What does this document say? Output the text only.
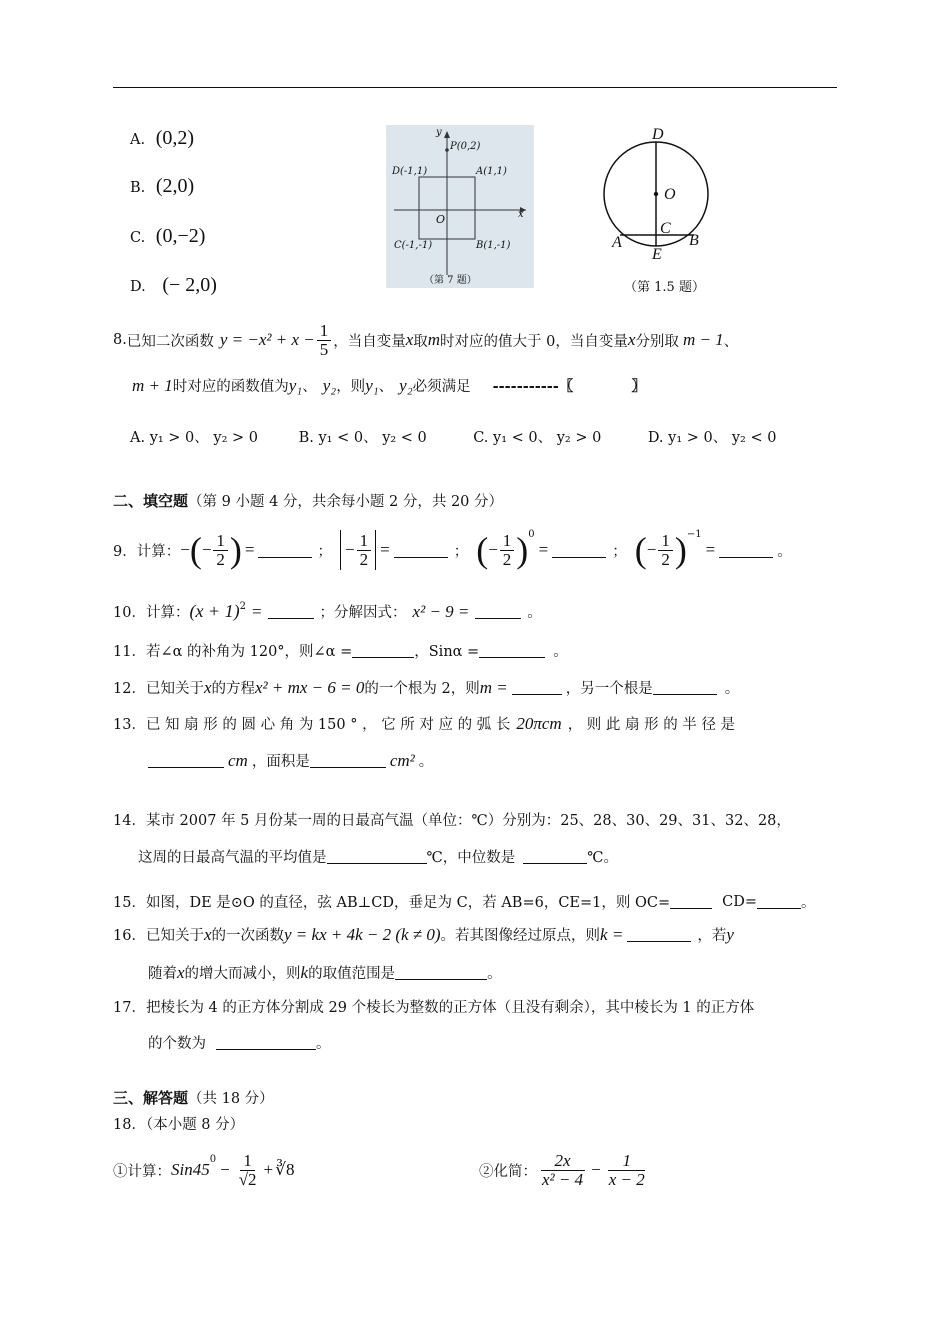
A. (0,2)
B. (2,0)
C. (0,−2)
D. (− 2,0)
y
x
P(0,2)
D(-1,1)	A(1,1)
O
C(-1,-1)	B(1,-1)
（第 7 题）
D
O
C
A	B
E
（第 1.5 题）
8. 已知二次函数 $y = -x^2 + x - \frac{1}{5}$ ，当自变量 x 取 m 时对应的值大于 0，当自变量 x 分别取 m − 1 、
m + 1 时对应的函数值为 y₁ 、 y₂ ，则 y₁ 、 y₂ 必须满足 -----------〖　　　　〗
A. y₁ > 0、 y₂ > 0	B. y₁ < 0、 y₂ < 0	C. y₁ < 0、 y₂ > 0	D. y₁ > 0、 y₂ < 0
二、填空题（第 9 小题 4 分，共余每小题 2 分，共 20 分）
9．计算： − ( − $\frac{1}{2}$ ) =	； − $\frac{1}{2}$ =	； ( − $\frac{1}{2} )^0$
=	； ( − $\frac{1}{2} )^{-1}$
=	。
10．计算： $(x + 1)^2$ =	；分解因式： x² − 9 =	。
11． 若∠α 的补角为 120°，则∠α =	，Sinα =	。
12． 已知关于 x 的方程 x² + mx − 6 = 0 的一个根为 2，则 m =	，另一个根是	。
13． 已 知 扇 形 的 圆 心 角 为 150 ° ， 它 所 对 应 的 弧 长 20πcm ， 则 此 扇 形 的 半 径 是
cm ，面积是	cm² 。
14．某市 2007 年 5 月份某一周的日最高气温（单位：℃）分别为：25、28、30、29、31、32、28，
这周的日最高气温的平均值是	℃，中位数是	℃。
15． 如图，DE 是⊙O 的直径，弦 AB⊥CD，垂足为 C，若 AB=6，CE=1，则 OC=	CD=	。
16． 已知关于 x 的一次函数 y = kx + 4k − 2 (k ≠ 0) 。若其图像经过原点，则 k =	，若 y
随着 x 的增大而减小，则 k 的取值范围是	。
17．把棱长为 4 的正方体分割成 29 个棱长为整数的正方体（且没有剩余），其中棱长为 1 的正方体
的个数为	。
三、解答题（共 18 分）
18．（本小题 8 分）
①计算： Sin45
$^0$
− $\frac{1}{√2}$ + ∛8	②化简： $\frac{2x}{\text{x² − 4}} - \frac{1}{x - 2}$
